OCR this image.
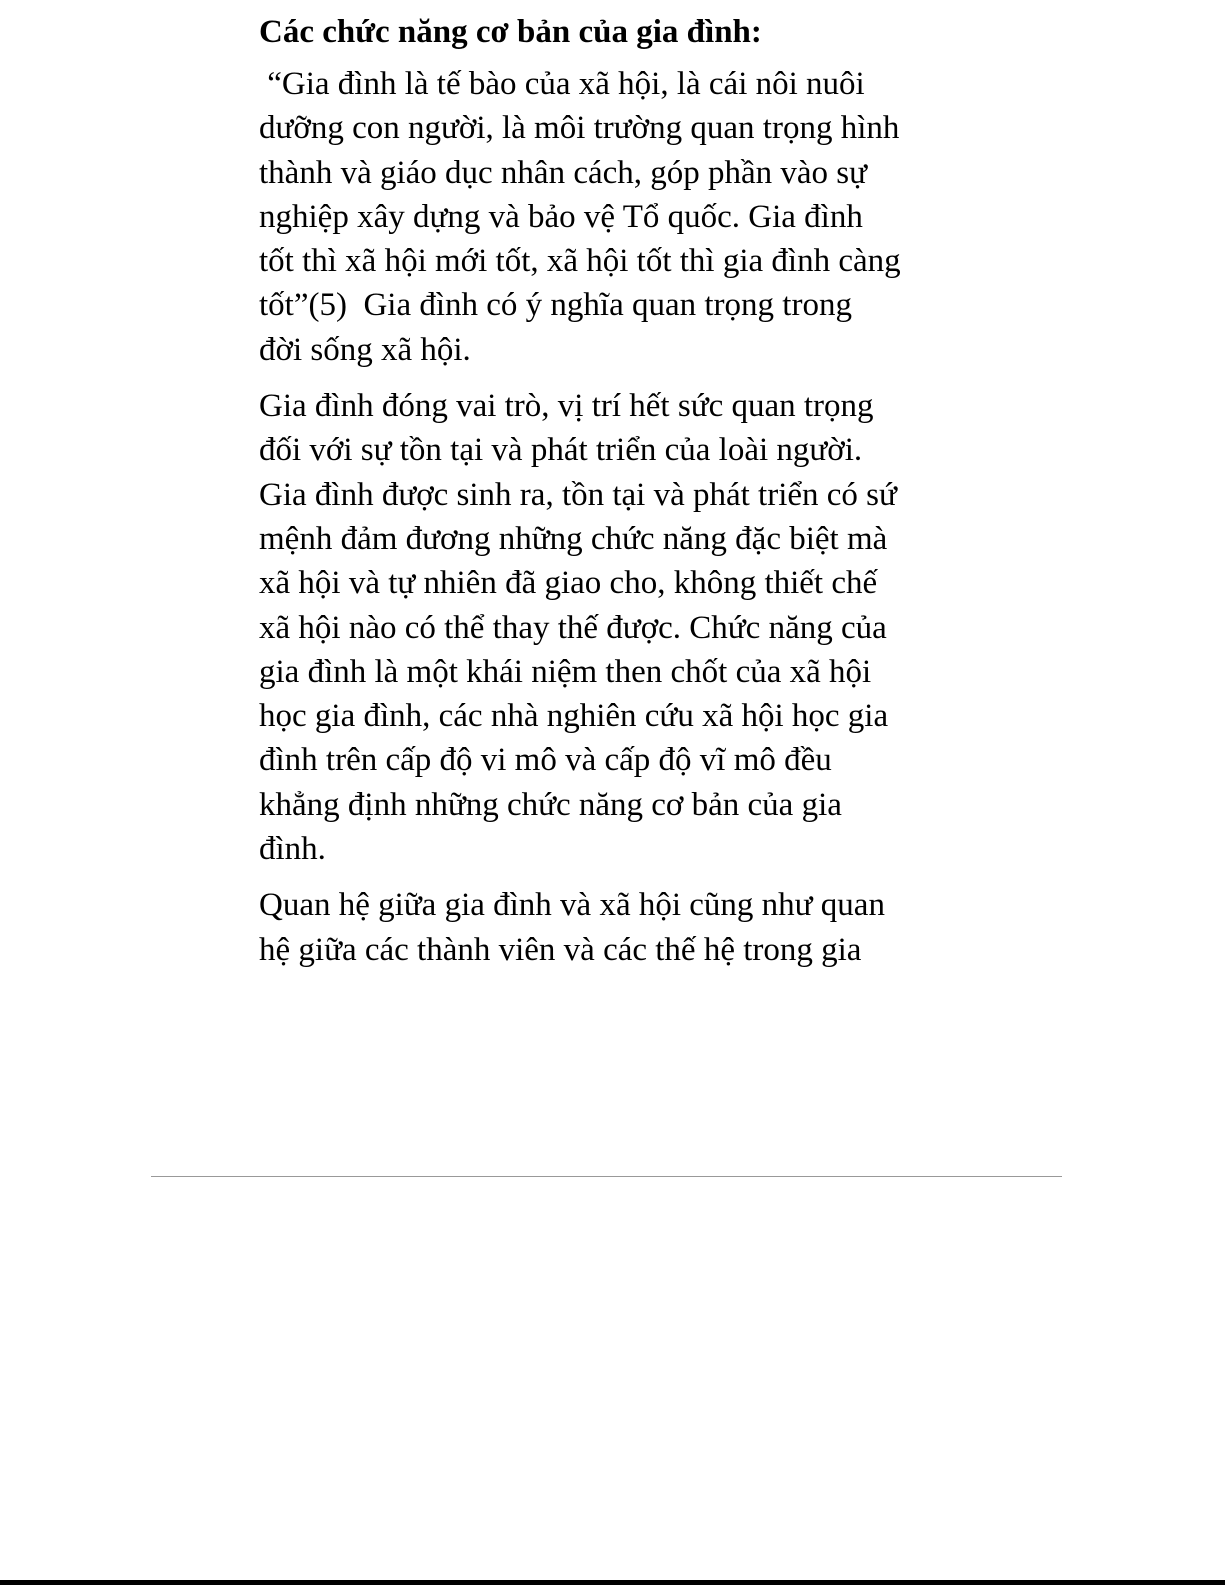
Các chức năng cơ bản của gia đình:
“Gia đình là tế bào của xã hội, là cái nôi nuôi
dưỡng con người, là môi trường quan trọng hình
thành và giáo dục nhân cách, góp phần vào sự
nghiệp xây dựng và bảo vệ Tổ quốc. Gia đình
tốt thì xã hội mới tốt, xã hội tốt thì gia đình càng
tốt”(5)  Gia đình có ý nghĩa quan trọng trong
đời sống xã hội.
Gia đình đóng vai trò, vị trí hết sức quan trọng
đối với sự tồn tại và phát triển của loài người.
Gia đình được sinh ra, tồn tại và phát triển có sứ
mệnh đảm đương những chức năng đặc biệt mà
xã hội và tự nhiên đã giao cho, không thiết chế
xã hội nào có thể thay thế được. Chức năng của
gia đình là một khái niệm then chốt của xã hội
học gia đình, các nhà nghiên cứu xã hội học gia
đình trên cấp độ vi mô và cấp độ vĩ mô đều
khẳng định những chức năng cơ bản của gia
đình.
Quan hệ giữa gia đình và xã hội cũng như quan
hệ giữa các thành viên và các thế hệ trong gia
